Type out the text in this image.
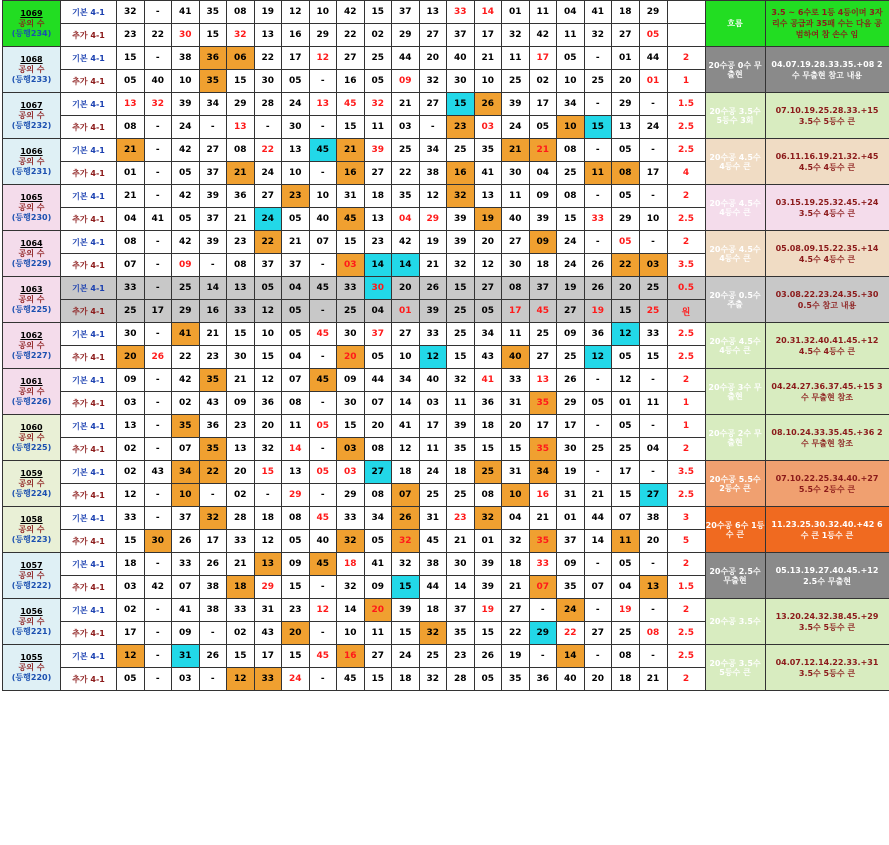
1069
공의 수
(등행234)	기본 4-1	32	-	41	35	08	19	12	10	42	15	37	13	33	14	01	11	04	41	18	29		흐름	3.5 ~ 6수로 1등 4등이며 3자리수 공급과 35패 수는 다음 공범하여 참 손수 임
	추가 4-1	23	22	30	15	32	13	16	29	22	02	29	27	37	17	32	42	11	32	27	05			

1068
공의 수
(등행233)	기본 4-1	15	-	38	36	06	22	17	12	27	25	44	20	40	21	11	17	05	-	01	44	2	20수공 0수 무출현	04.07.19.28.33.35.+08 2수 무출현 참고 내용
	추가 4-1	05	40	10	35	15	30	05	-	16	05	09	32	30	10	25	02	10	25	20	01	1		

1067
공의 수
(등행232)	기본 4-1	13	32	39	34	29	28	24	13	45	32	21	27	15	26	39	17	34	-	29	-	1.5	20수공 3.5수 5등수 3회	07.10.19.25.28.33.+15 3.5수 5등수 큰
	추가 4-1	08	-	24	-	13	-	30	-	15	11	03	-	23	03	24	05	10	15	13	24	2.5		

1066
공의 수
(등행231)	기본 4-1	21	-	42	27	08	22	13	45	21	39	25	34	25	35	21	21	08	-	05	-	2.5	20수공 4.5수 4등수 큰	06.11.16.19.21.32.+45 4.5수 4등수 큰
	추가 4-1	01	-	05	37	21	24	10	-	16	27	22	38	16	41	30	04	25	11	08	17	4		

1065
공의 수
(등행230)	기본 4-1	21	-	42	39	36	27	23	10	31	18	35	12	32	13	11	09	08	-	05	-	2	20수공 4.5수 4등수 큰	03.15.19.25.32.45.+24 3.5수 4등수 큰
	추가 4-1	04	41	05	37	21	24	05	40	45	13	04	29	39	19	40	39	15	33	29	10	2.5		

1064
공의 수
(등행229)	기본 4-1	08	-	42	39	23	22	21	07	15	23	42	19	39	20	27	09	24	-	05	-	2	20수공 4.5수 4등수 큰	05.08.09.15.22.35.+14 4.5수 4등수 큰
	추가 4-1	07	-	09	-	08	37	37	-	03	14	14	21	32	12	30	18	24	26	22	03	3.5		

1063
공의 수
(등행225)	기본 4-1	33	-	25	14	13	05	04	45	33	30	20	26	15	27	08	37	19	26	20	25	0.5	20수공 0.5수 주출	03.08.22.23.24.35.+30 0.5수 참고 내용
	추가 4-1	25	17	29	16	33	12	05	-	25	04	01	39	25	05	17	45	27	19	15	25	원		

1062
공의 수
(등행227)	기본 4-1	30	-	41	21	15	10	05	45	30	37	27	33	25	34	11	25	09	36	12	33	2.5	20수공 4.5수 4등수 큰	20.31.32.40.41.45.+12 4.5수 4등수 큰
	추가 4-1	20	26	22	23	30	15	04	-	20	05	10	12	15	43	40	27	25	12	05	15	2.5		

1061
공의 수
(등행226)	기본 4-1	09	-	42	35	21	12	07	45	09	44	34	40	32	41	33	13	26	-	12	-	2	20수공 3수 무출현	04.24.27.36.37.45.+15 3수 무출현 참조
	추가 4-1	03	-	02	43	09	36	08	-	30	07	14	03	11	36	31	35	29	05	01	11	1		

1060
공의 수
(등행225)	기본 4-1	13	-	35	36	23	20	11	05	15	20	41	17	39	18	20	17	17	-	05	-	1	20수공 2수 무출현	08.10.24.33.35.45.+36 2수 무출현 참조
	추가 4-1	02	-	07	35	13	32	14	-	03	08	12	11	35	15	15	35	30	25	25	04	2		

1059
공의 수
(등행224)	기본 4-1	02	43	34	22	20	15	13	05	03	27	18	24	18	25	31	34	19	-	17	-	3.5	20수공 5.5수 2등수 큰	07.10.22.25.34.40.+27 5.5수 2등수 큰
	추가 4-1	12	-	10	-	02	-	29	-	29	08	07	25	25	08	10	16	31	21	15	27	2.5		

1058
공의 수
(등행223)	기본 4-1	33	-	37	32	28	18	08	45	33	34	26	31	23	32	04	21	01	44	07	38	3	20수공 6수 1등수 큰	11.23.25.30.32.40.+42 6수 큰 1등수 큰
	추가 4-1	15	30	26	17	33	12	05	40	32	05	32	45	21	01	32	35	37	14	11	20	5		

1057
공의 수
(등행222)	기본 4-1	18	-	33	26	21	13	09	45	18	41	32	38	30	39	18	33	09	-	05	-	2	20수공 2.5수 무출현	05.13.19.27.40.45.+12 2.5수 무출현
	추가 4-1	03	42	07	38	18	29	15	-	32	09	15	44	14	39	21	07	35	07	04	13	1.5		

1056
공의 수
(등행221)	기본 4-1	02	-	41	38	33	31	23	12	14	20	39	18	37	19	27	-	24	-	19	-	2	20수공 3.5수	13.20.24.32.38.45.+29 3.5수 5등수 큰
	추가 4-1	17	-	09	-	02	43	20	-	10	11	15	32	35	15	22	29	22	27	25	08	2.5		

1055
공의 수
(등행220)	기본 4-1	12	-	31	26	15	17	15	45	16	27	24	25	23	26	19	-	14	-	08	-	2.5	20수공 3.5수 5등수 큰	04.07.12.14.22.33.+31 3.5수 5등수 큰
	추가 4-1	05	-	03	-	12	33	24	-	45	15	18	32	28	05	35	36	40	20	18	21	2		
